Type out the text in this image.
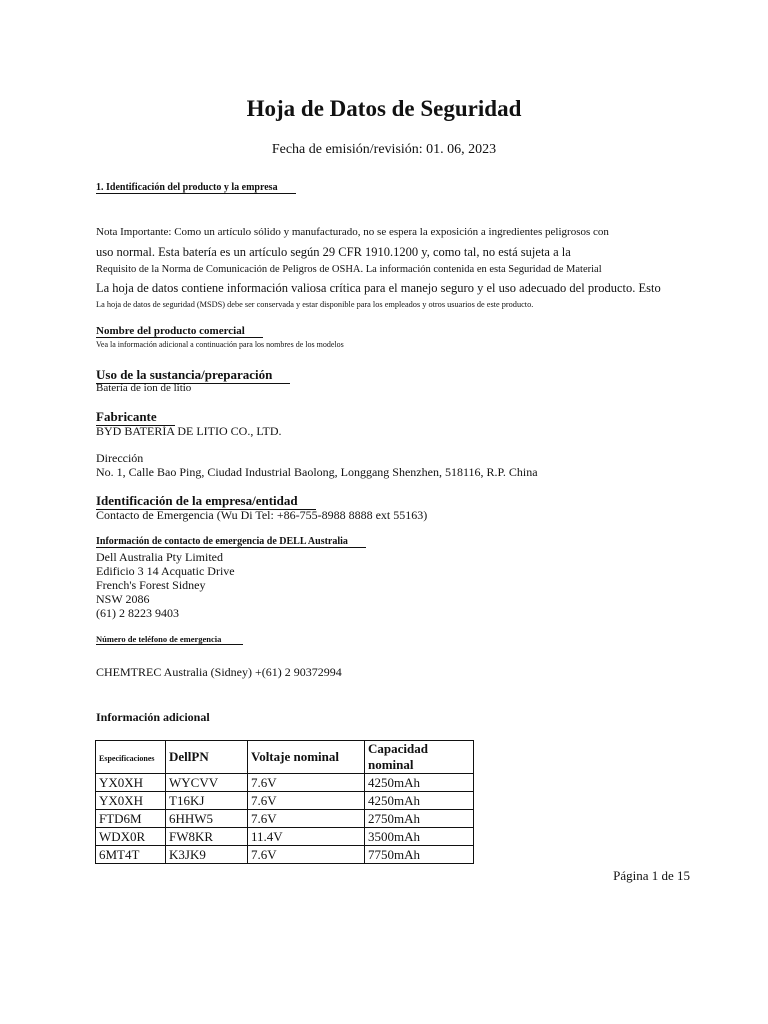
Hoja de Datos de Seguridad
Fecha de emisión/revisión: 01. 06, 2023
1. Identificación del producto y la empresa
Nota Importante: Como un artículo sólido y manufacturado, no se espera la exposición a ingredientes peligrosos con
uso normal. Esta batería es un artículo según 29 CFR 1910.1200 y, como tal, no está sujeta a la
Requisito de la Norma de Comunicación de Peligros de OSHA. La información contenida en esta Seguridad de Material
La hoja de datos contiene información valiosa crítica para el manejo seguro y el uso adecuado del producto. Esto
La hoja de datos de seguridad (MSDS) debe ser conservada y estar disponible para los empleados y otros usuarios de este producto.
Nombre del producto comercial
Vea la información adicional a continuación para los nombres de los modelos
Uso de la sustancia/preparación
Batería de ion de litio
Fabricante
BYD BATERÍA DE LITIO CO., LTD.
Dirección
No. 1, Calle Bao Ping, Ciudad Industrial Baolong, Longgang Shenzhen, 518116, R.P. China
Identificación de la empresa/entidad
Contacto de Emergencia (Wu Di Tel: +86-755-8988 8888 ext 55163)
Información de contacto de emergencia de DELL Australia
Dell Australia Pty Limited
Edificio 3 14 Acquatic Drive
French's Forest Sidney
NSW 2086
(61) 2 8223 9403
Número de teléfono de emergencia
CHEMTREC Australia (Sidney) +(61) 2 90372994
Información adicional
Especificaciones	DellPN	Voltaje nominal	Capacidad nominal
YX0XH	WYCVV	7.6V	4250mAh
YX0XH	T16KJ	7.6V	4250mAh
FTD6M	6HHW5	7.6V	2750mAh
WDX0R	FW8KR	11.4V	3500mAh
6MT4T	K3JK9	7.6V	7750mAh
Página 1 de 15
